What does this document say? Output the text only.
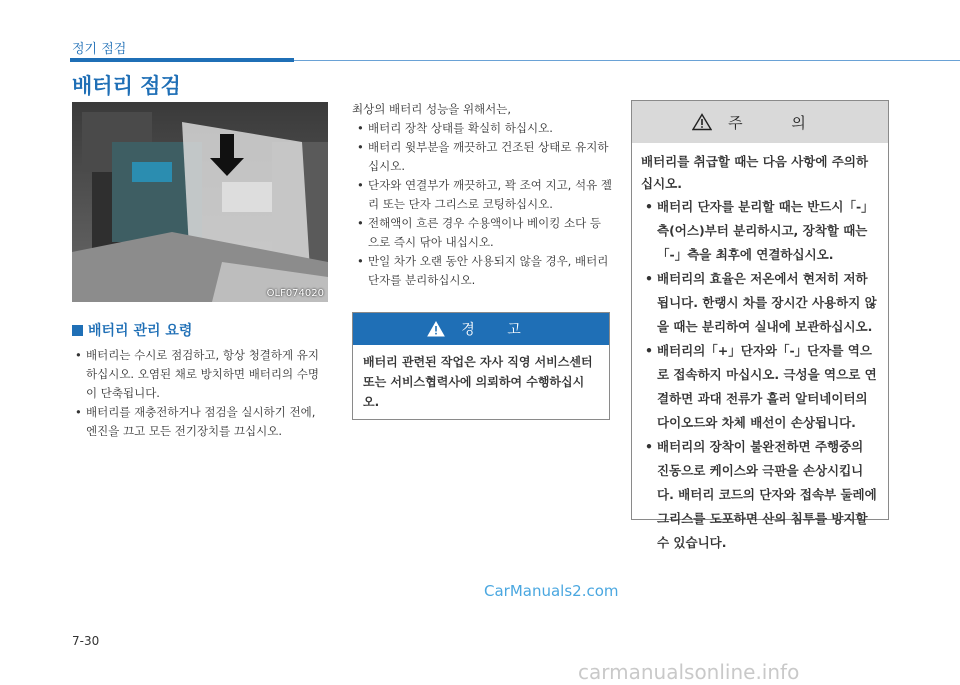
정기 점검
배터리 점검
OLF074020
배터리 관리 요령
• 배터리는 수시로 점검하고, 항상 청결하게 유지 하십시오. 오염된 채로 방치하면 배터리의 수명이 단축됩니다.
• 배터리를 재충전하거나 점검을 실시하기 전에, 엔진을 끄고 모든 전기장치를 끄십시오.
최상의 배터리 성능을 위해서는,
• 배터리 장착 상태를 확실히 하십시오.
• 배터리 윗부분을 깨끗하고 건조된 상태로 유지하십시오.
• 단자와 연결부가 깨끗하고, 꽉 조여 지고, 석유 젤리 또는 단자 그리스로 코팅하십시오.
• 전해액이 흐른 경우 수용액이나 베이킹 소다 등으로 즉시 닦아 내십시오.
• 만일 차가 오랜 동안 사용되지 않을 경우, 배터리 단자를 분리하십시오.
경 고
배터리 관련된 작업은 자사 직영 서비스센터 또는 서비스협력사에 의뢰하여 수행하십시오.
주 의
배터리를 취급할 때는 다음 사항에 주의하십시오.
• 배터리 단자를 분리할 때는 반드시「-」측(어스)부터 분리하시고, 장착할 때는「-」측을 최후에 연결하십시오.
• 배터리의 효율은 저온에서 현저히 저하됩니다. 한랭시 차를 장시간 사용하지 않을 때는 분리하여 실내에 보관하십시오.
• 배터리의「+」단자와「-」단자를 역으로 접속하지 마십시오. 극성을 역으로 연결하면 과대 전류가 흘러 알터네이터의 다이오드와 차체 배선이 손상됩니다.
• 배터리의 장착이 불완전하면 주행중의 진동으로 케이스와 극판을 손상시킵니다. 배터리 코드의 단자와 접속부 둘레에 그리스를 도포하면 산의 침투를 방지할 수 있습니다.
CarManuals2.com
7-30
carmanualsonline.info
